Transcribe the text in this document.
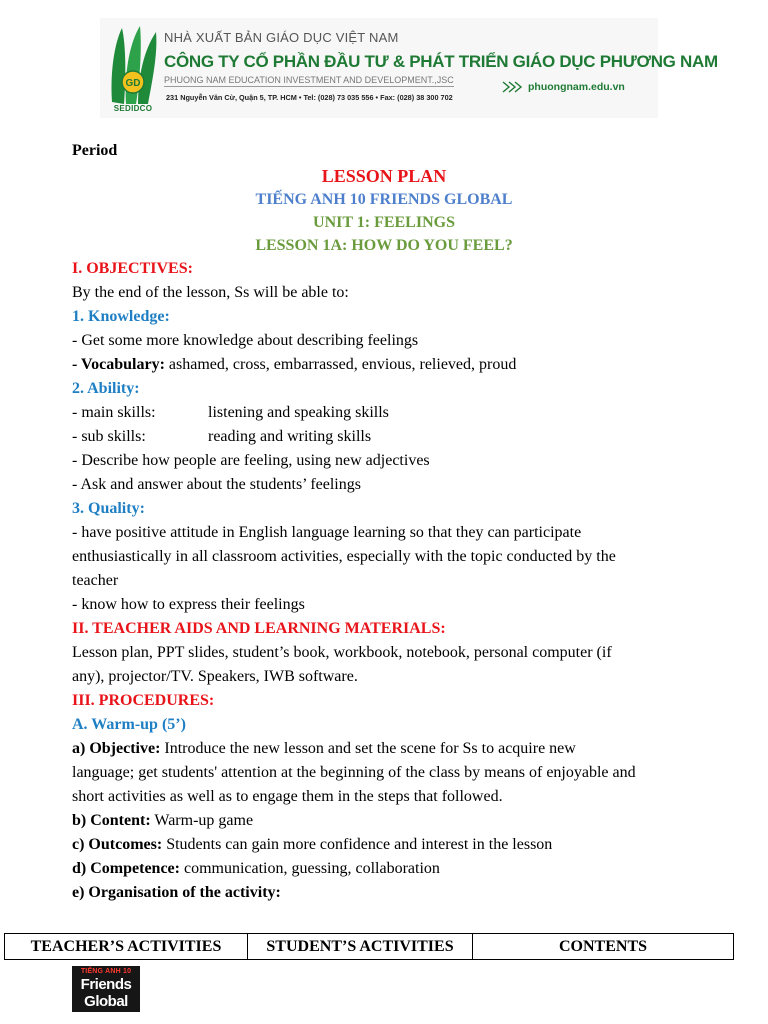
GD
SEDIDCO
NHÀ XUẤT BẢN GIÁO DỤC VIỆT NAM
CÔNG TY CỔ PHẦN ĐẦU TƯ & PHÁT TRIỂN GIÁO DỤC PHƯƠNG NAM
PHUONG NAM EDUCATION INVESTMENT AND DEVELOPMENT.,JSC
231 Nguyễn Văn Cừ, Quận 5, TP. HCM • Tel: (028) 73 035 556 • Fax: (028) 38 300 702
phuongnam.edu.vn
Period
LESSON PLAN
TIẾNG ANH 10 FRIENDS GLOBAL
UNIT 1: FEELINGS
LESSON 1A: HOW DO YOU FEEL?
I. OBJECTIVES:
By the end of the lesson, Ss will be able to:
1. Knowledge:
- Get some more knowledge about describing feelings
- Vocabulary: ashamed, cross, embarrassed, envious, relieved, proud
2. Ability:
- main skills:	listening and speaking skills
- sub skills:	reading and writing skills
- Describe how people are feeling, using new adjectives
- Ask and answer about the students’ feelings
3. Quality:
- have positive attitude in English language learning so that they can participate
enthusiastically in all classroom activities, especially with the topic conducted by the
teacher
- know how to express their feelings
II. TEACHER AIDS AND LEARNING MATERIALS:
Lesson plan, PPT slides, student’s book, workbook, notebook, personal computer (if
any), projector/TV. Speakers, IWB software.
III. PROCEDURES:
A. Warm-up (5’)
a) Objective: Introduce the new lesson and set the scene for Ss to acquire new
language; get students' attention at the beginning of the class by means of enjoyable and
short activities as well as to engage them in the steps that followed.
b) Content: Warm-up game
c) Outcomes: Students can gain more confidence and interest in the lesson
d) Competence: communication, guessing, collaboration
e) Organisation of the activity:
TEACHER’S ACTIVITIES	STUDENT’S ACTIVITIES	CONTENTS
TIẾNG ANH 10
Friends
Global
